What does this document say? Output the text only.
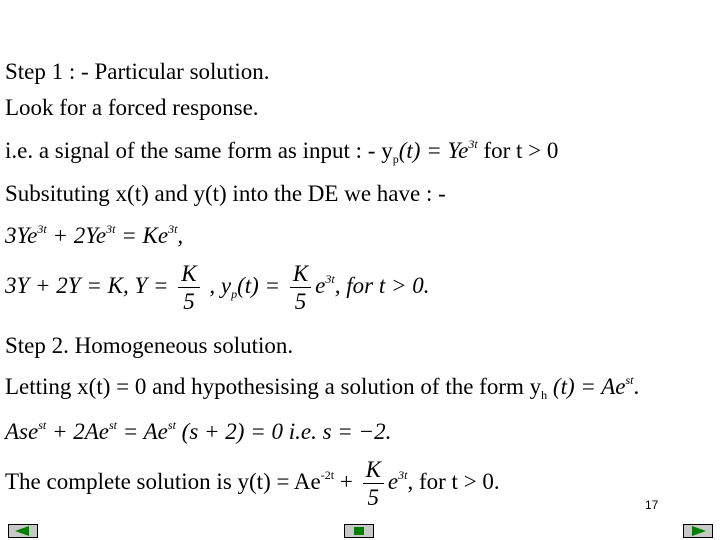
Step 1 : - Particular solution.
Look for a forced response.
i.e. a signal of the same form as input : - $y_p(t) = Ye^{3t}$ for t > 0
Subsituting x(t) and y(t) into the DE we have : -
$3Ye^{3t} + 2Ye^{3t} = Ke^{3t}$,
3Y + 2Y = K, $Y = \frac{K}{5}$ , $y_p(t) = \frac{K}{5} e^{3t}$, for t > 0.
Step 2. Homogeneous solution.
Letting x(t) = 0 and hypothesising a solution of the form $y_h$ $(t) = Ae^{st}$.
$Ase^{st} + 2Ae^{st} = Ae^{st}$ (s + 2) = 0 i.e. s = −2.
The complete solution is $y(t) = Ae^{-2t} + \frac{K}{5} e^{3t}$, for t > 0.
17
